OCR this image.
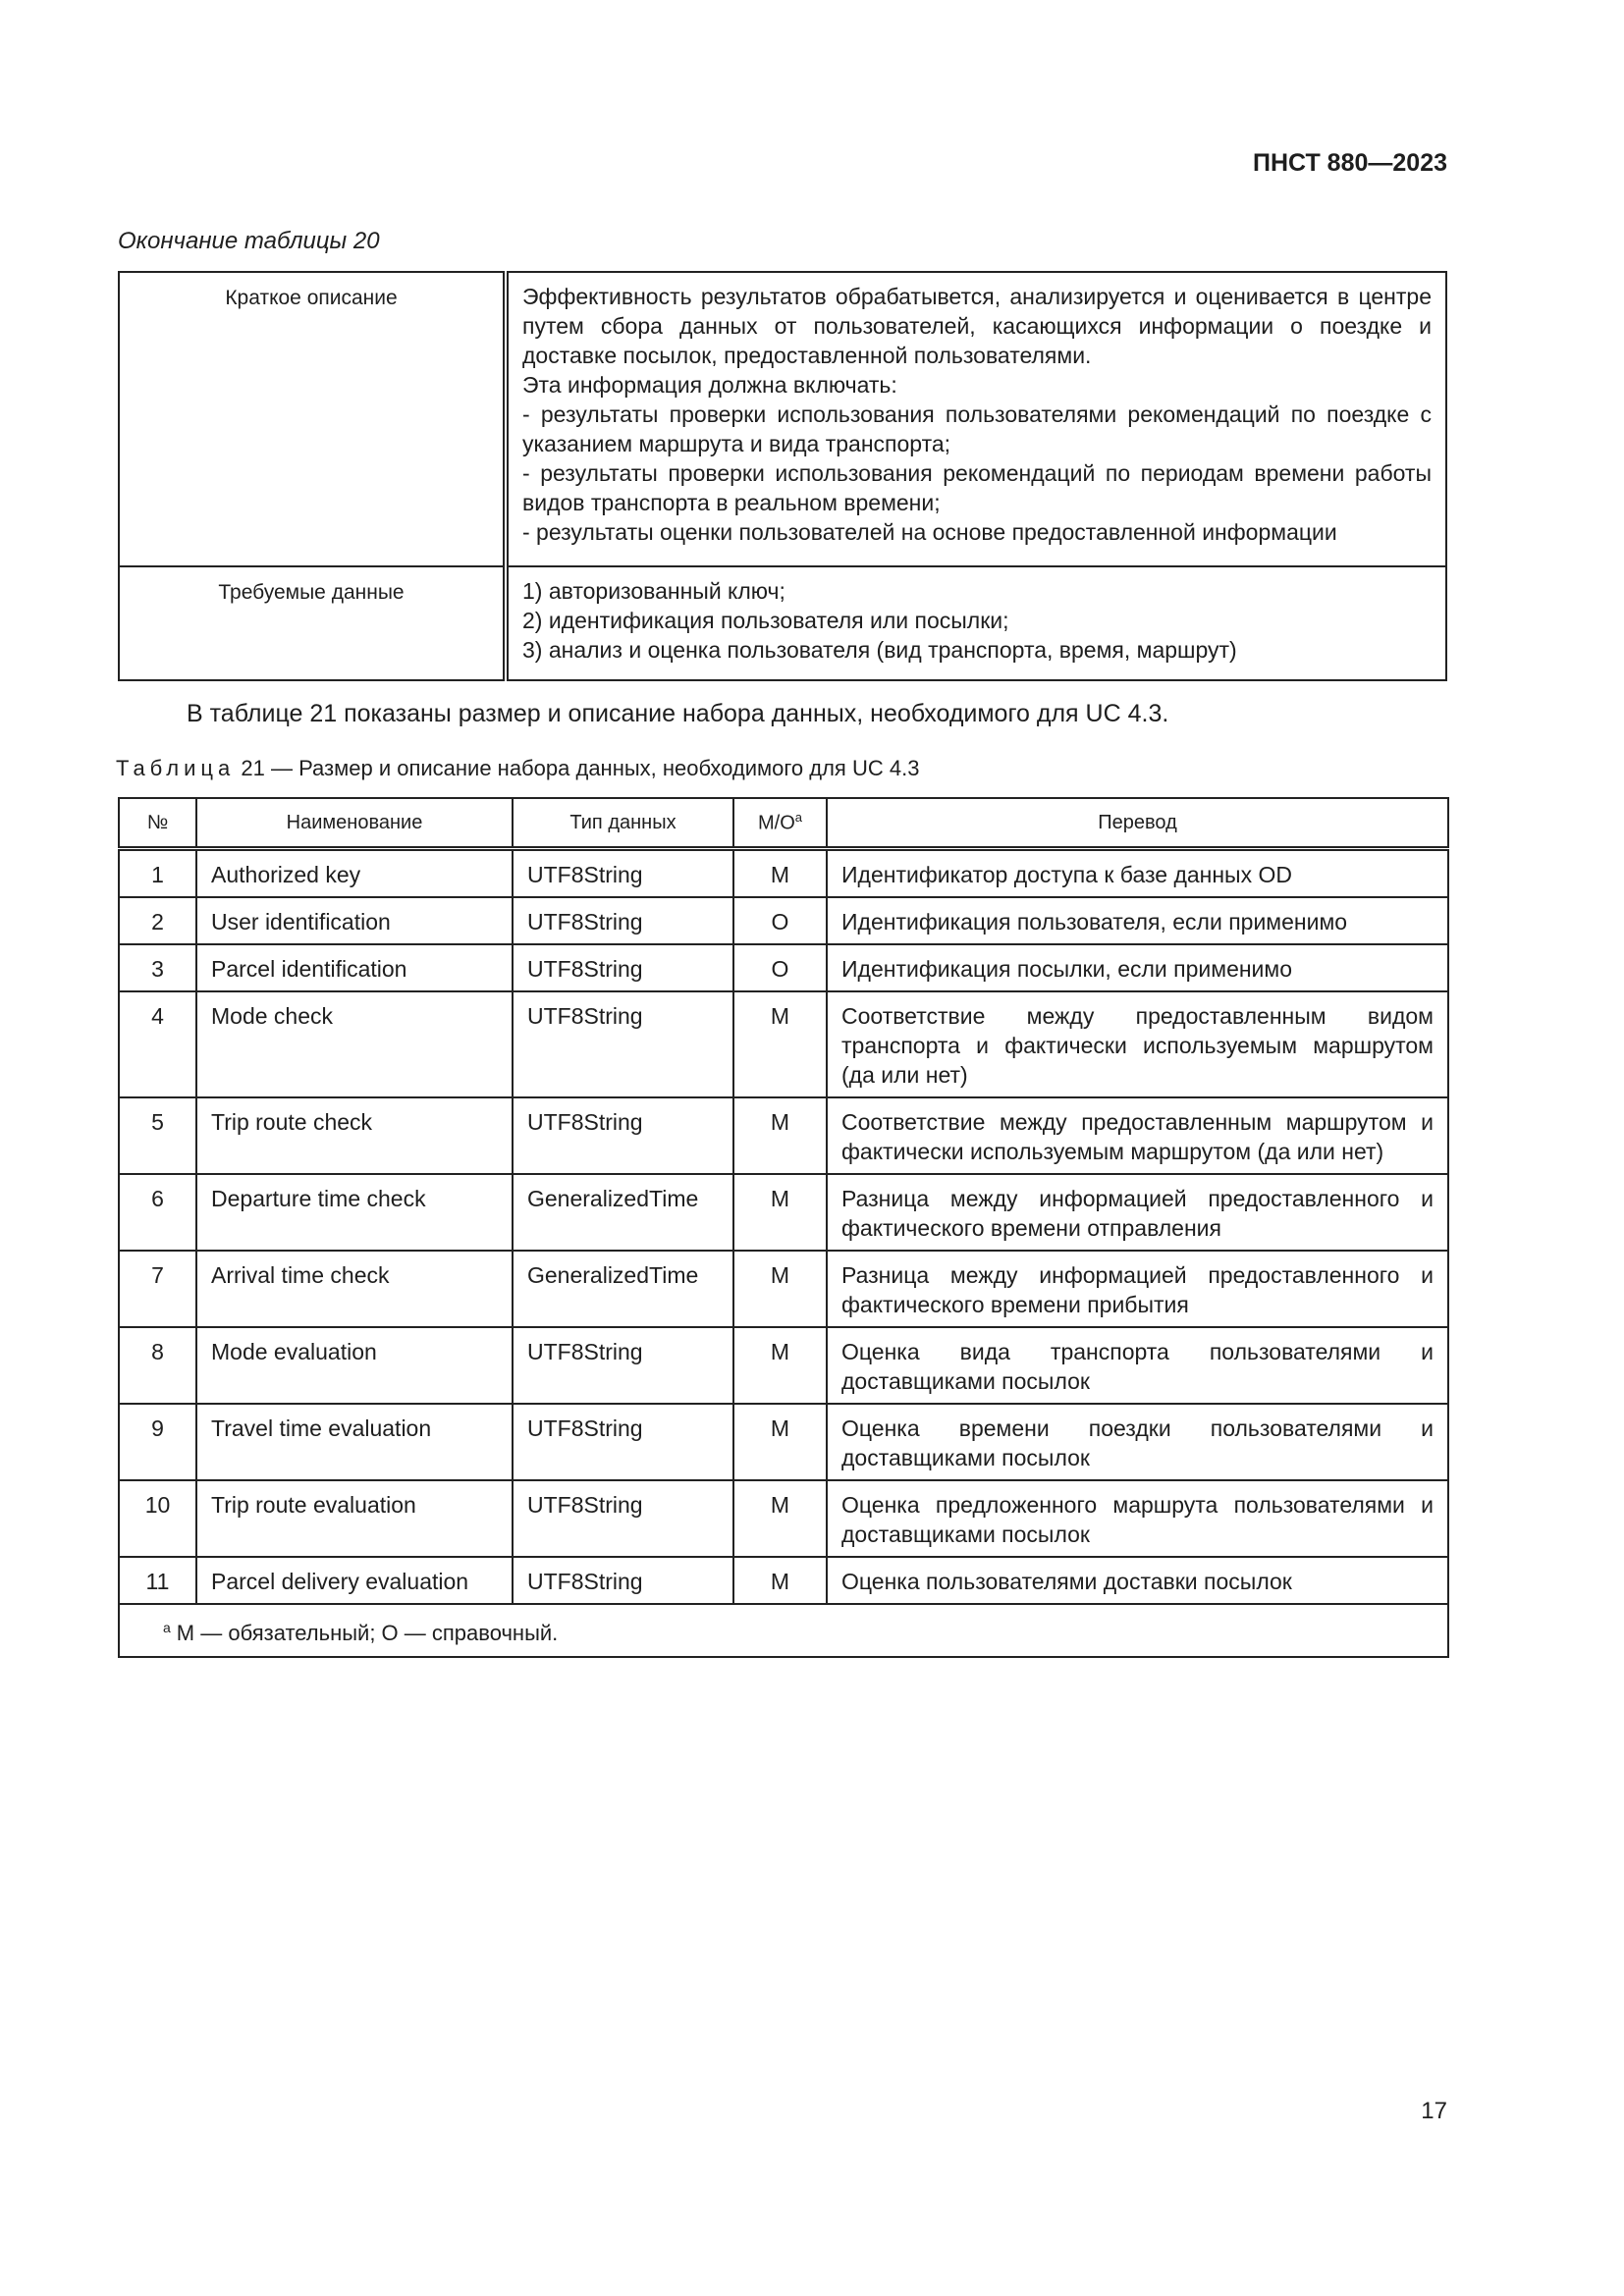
ПНСТ 880—2023
Окончание таблицы 20
Краткое описание	Эффективность результатов обрабатывется, анализируется и оценивается в центре путем сбора данных от пользователей, касающихся информации о поездке и доставке посылок, предоставленной пользователями.
Эта информация должна включать:
- результаты проверки использования пользователями рекомендаций по поездке с указанием маршрута и вида транспорта;
- результаты проверки использования рекомендаций по периодам времени работы видов транспорта в реальном времени;
- результаты оценки пользователей на основе предоставленной информации

Требуемые данные	1) авторизованный ключ;
2) идентификация пользователя или посылки;
3) анализ и оценка пользователя (вид транспорта, время, маршрут)
В таблице 21 показаны размер и описание набора данных, необходимого для UC 4.3.
Таблица 21 — Размер и описание набора данных, необходимого для UC 4.3
№	Наименование	Тип данных	$M/O^a$	Перевод
1	Authorized key	UTF8String	M	Идентификатор доступа к базе данных OD
2	User identification	UTF8String	O	Идентификация пользователя, если применимо
3	Parcel identification	UTF8String	O	Идентификация посылки, если применимо
4	Mode check	UTF8String	M	Соответствие между предоставленным видом транспорта и фактически используемым маршрутом (да или нет)
5	Trip route check	UTF8String	M	Соответствие между предоставленным маршрутом и фактически используемым маршрутом (да или нет)
6	Departure time check	GeneralizedTime	M	Разница между информацией предоставленного и фактического времени отправления
7	Arrival time check	GeneralizedTime	M	Разница между информацией предоставленного и фактического времени прибытия
8	Mode evaluation	UTF8String	M	Оценка вида транспорта пользователями и доставщиками посылок
9	Travel time evaluation	UTF8String	M	Оценка времени поездки пользователями и доставщиками посылок
10	Trip route evaluation	UTF8String	M	Оценка предложенного маршрута пользователями и доставщиками посылок
11	Parcel delivery evaluation	UTF8String	M	Оценка пользователями доставки посылок
$^a$ M — обязательный; O — справочный.				
17
